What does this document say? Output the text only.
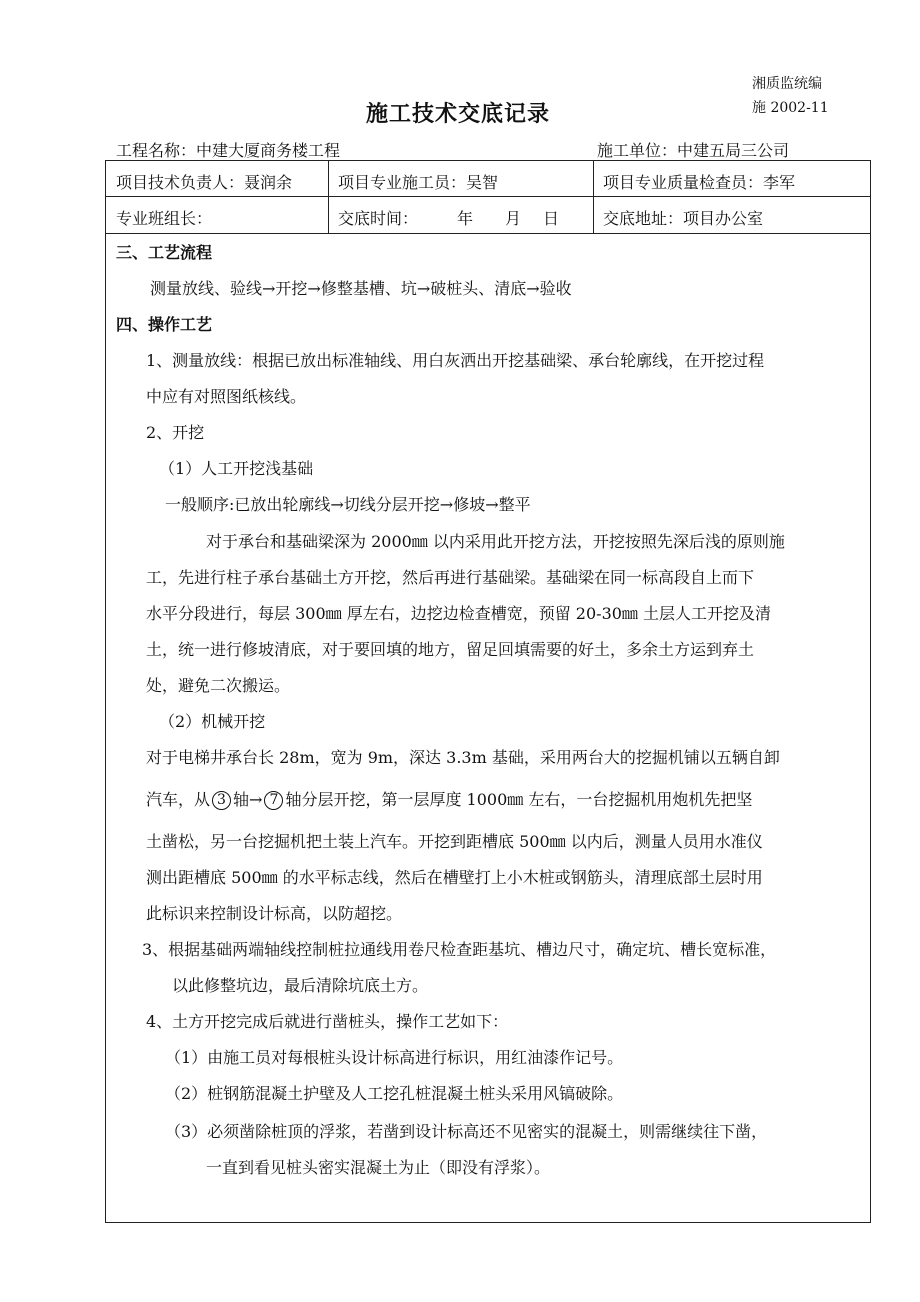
湘质监统编
施 2002-11
施工技术交底记录
工程名称：中建大厦商务楼工程	施工单位：中建五局三公司
项目技术负责人：聂润余	项目专业施工员：吴智	项目专业质量检查员：李军
专业班组长：	交底时间： 年 月 日	交底地址：项目办公室
三、工艺流程
测量放线、验线→开挖→修整基槽、坑→破桩头、清底→验收
四、操作工艺
1、测量放线：根据已放出标准轴线、用白灰洒出开挖基础梁、承台轮廓线，在开挖过程
中应有对照图纸核线。
2、开挖
（1）人工开挖浅基础
一般顺序:已放出轮廓线→切线分层开挖→修坡→整平
对于承台和基础梁深为 2000㎜ 以内采用此开挖方法，开挖按照先深后浅的原则施
工，先进行柱子承台基础土方开挖，然后再进行基础梁。基础梁在同一标高段自上而下
水平分段进行，每层 300㎜ 厚左右，边挖边检查槽宽，预留 20-30㎜ 土层人工开挖及清
土，统一进行修坡清底，对于要回填的地方，留足回填需要的好土，多余土方运到弃土
处，避免二次搬运。
（2）机械开挖
对于电梯井承台长 28m，宽为 9m，深达 3.3m 基础，采用两台大的挖掘机铺以五辆自卸
汽车，从 3 轴→ 7 轴分层开挖，第一层厚度 1000㎜ 左右，一台挖掘机用炮机先把坚
土凿松，另一台挖掘机把土装上汽车。开挖到距槽底 500㎜ 以内后，测量人员用水准仪
测出距槽底 500㎜ 的水平标志线，然后在槽壁打上小木桩或钢筋头，清理底部土层时用
此标识来控制设计标高，以防超挖。
3、根据基础两端轴线控制桩拉通线用卷尺检查距基坑、槽边尺寸，确定坑、槽长宽标准，
以此修整坑边，最后清除坑底土方。
4、土方开挖完成后就进行凿桩头，操作工艺如下：
（1）由施工员对每根桩头设计标高进行标识，用红油漆作记号。
（2）桩钢筋混凝土护壁及人工挖孔桩混凝土桩头采用风镐破除。
（3）必须凿除桩顶的浮浆，若凿到设计标高还不见密实的混凝土，则需继续往下凿，
一直到看见桩头密实混凝土为止（即没有浮浆）。
